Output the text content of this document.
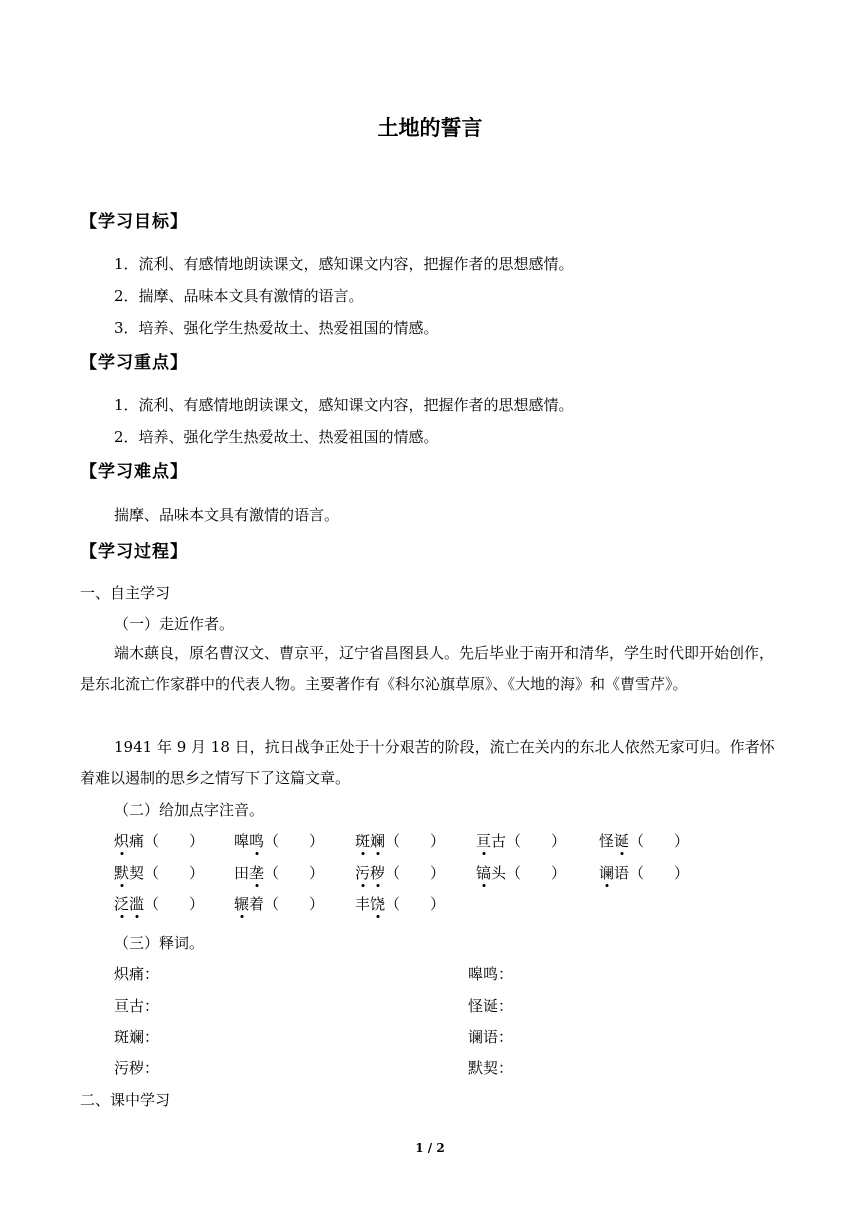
土地的誓言
【学习目标】
1．流利、有感情地朗读课文，感知课文内容，把握作者的思想感情。
2．揣摩、品味本文具有激情的语言。
3．培养、强化学生热爱故土、热爱祖国的情感。
【学习重点】
1．流利、有感情地朗读课文，感知课文内容，把握作者的思想感情。
2．培养、强化学生热爱故土、热爱祖国的情感。
【学习难点】
揣摩、品味本文具有激情的语言。
【学习过程】
一、自主学习
（一）走近作者。
端木蕻良，原名曹汉文、曹京平，辽宁省昌图县人。先后毕业于南开和清华，学生时代即开始创作，是东北流亡作家群中的代表人物。主要著作有《科尔沁旗草原》、《大地的海》和《曹雪芹》。
1941 年 9 月 18 日，抗日战争正处于十分艰苦的阶段，流亡在关内的东北人依然无家可归。作者怀着难以遏制的思乡之情写下了这篇文章。
（二）给加点字注音。
炽痛（　　） 嗥鸣（　　） 斑斓（　　） 亘古（　　） 怪诞（　　）
默契（　　） 田垄（　　） 污秽（　　） 镐头（　　） 谰语（　　）
泛滥（　　） 辗着（　　） 丰饶（　　）
（三）释词。
炽痛：	嗥鸣：
亘古：	怪诞：
斑斓：	谰语：
污秽：	默契：
二、课中学习
1 / 2
